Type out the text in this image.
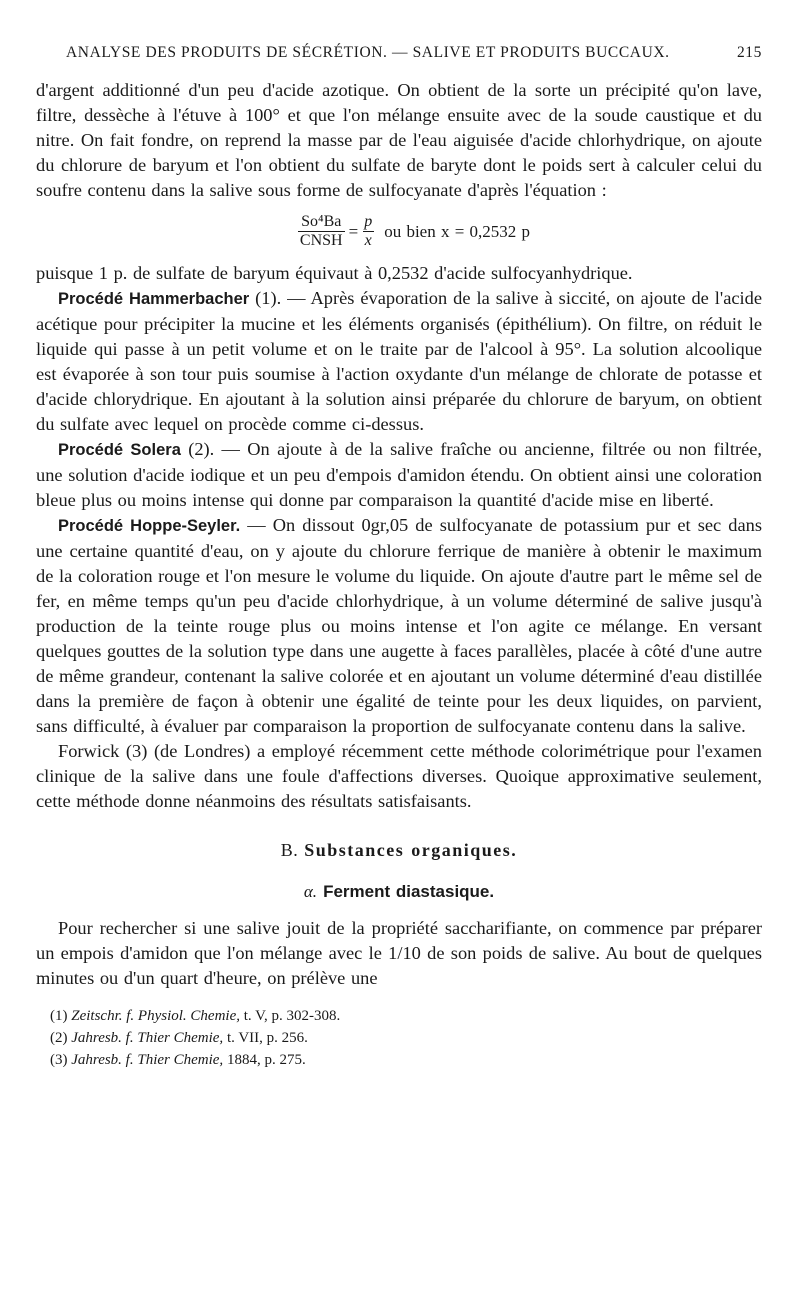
ANALYSE DES PRODUITS DE SÉCRÉTION. — SALIVE ET PRODUITS BUCCAUX.	215

d'argent additionné d'un peu d'acide azotique. On obtient de la sorte un précipité qu'on lave, filtre, dessèche à l'étuve à 100° et que l'on mélange ensuite avec de la soude caustique et du nitre. On fait fondre, on reprend la masse par de l'eau aiguisée d'acide chlorhydrique, on ajoute du chlorure de baryum et l'on obtient du sulfate de baryte dont le poids sert à calculer celui du soufre contenu dans la salive sous forme de sulfocyanate d'après l'équation :

$\frac{\text{So⁴Ba}}{\text{CNSH}} = \frac{p}{x}$ ou bien x = 0,2532 p

puisque 1 p. de sulfate de baryum équivaut à 0,2532 d'acide sulfocyanhydrique.

Procédé Hammerbacher (1). — Après évaporation de la salive à siccité, on ajoute de l'acide acétique pour précipiter la mucine et les éléments organisés (épithélium). On filtre, on réduit le liquide qui passe à un petit volume et on le traite par de l'alcool à 95°. La solution alcoolique est évaporée à son tour puis soumise à l'action oxydante d'un mélange de chlorate de potasse et d'acide chlorydrique. En ajoutant à la solution ainsi préparée du chlorure de baryum, on obtient du sulfate avec lequel on procède comme ci-dessus.

Procédé Solera (2). — On ajoute à de la salive fraîche ou ancienne, filtrée ou non filtrée, une solution d'acide iodique et un peu d'empois d'amidon étendu. On obtient ainsi une coloration bleue plus ou moins intense qui donne par comparaison la quantité d'acide mise en liberté.

Procédé Hoppe-Seyler. — On dissout 0gr,05 de sulfocyanate de potassium pur et sec dans une certaine quantité d'eau, on y ajoute du chlorure ferrique de manière à obtenir le maximum de la coloration rouge et l'on mesure le volume du liquide. On ajoute d'autre part le même sel de fer, en même temps qu'un peu d'acide chlorhydrique, à un volume déterminé de salive jusqu'à production de la teinte rouge plus ou moins intense et l'on agite ce mélange. En versant quelques gouttes de la solution type dans une augette à faces parallèles, placée à côté d'une autre de même grandeur, contenant la salive colorée et en ajoutant un volume déterminé d'eau distillée dans la première de façon à obtenir une égalité de teinte pour les deux liquides, on parvient, sans difficulté, à évaluer par comparaison la proportion de sulfocyanate contenu dans la salive.

Forwick (3) (de Londres) a employé récemment cette méthode colorimétrique pour l'examen clinique de la salive dans une foule d'affections diverses. Quoique approximative seulement, cette méthode donne néanmoins des résultats satisfaisants.

B. Substances organiques.
α. Ferment diastasique.

Pour rechercher si une salive jouit de la propriété saccharifiante, on commence par préparer un empois d'amidon que l'on mélange avec le 1/10 de son poids de salive. Au bout de quelques minutes ou d'un quart d'heure, on prélève une

(1) Zeitschr. f. Physiol. Chemie, t. V, p. 302-308.
(2) Jahresb. f. Thier Chemie, t. VII, p. 256.
(3) Jahresb. f. Thier Chemie, 1884, p. 275.
